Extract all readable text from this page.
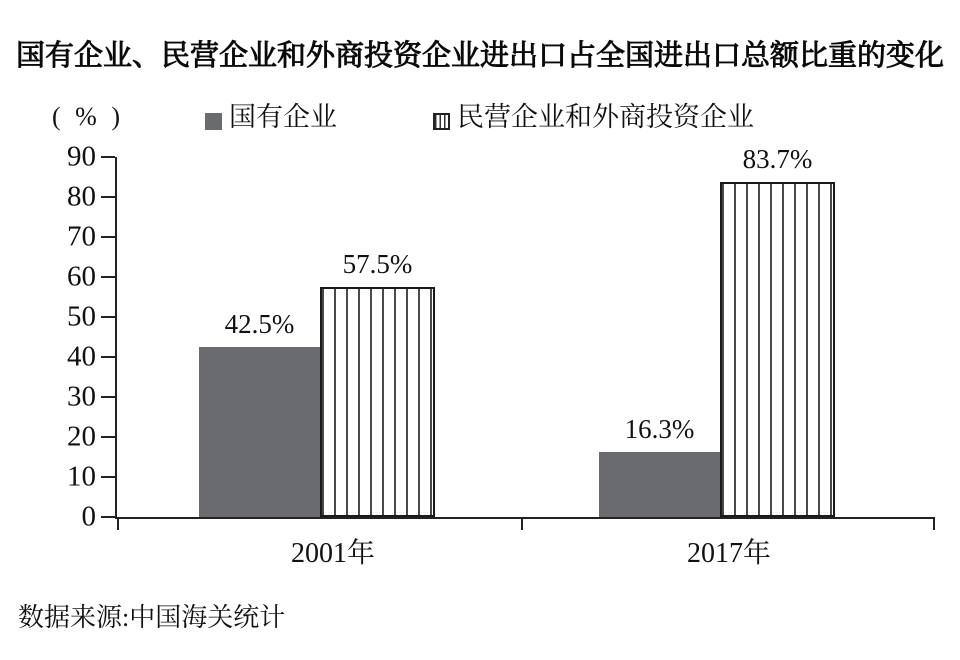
国有企业、民营企业和外商投资企业进出口占全国进出口总额比重的变化
( % )	国有企业	民营企业和外商投资企业
0
10
20
30
40
50
60
70
80
90
42.5%
57.5%
2001年
16.3%
83.7%
2017年
数据来源:中国海关统计
